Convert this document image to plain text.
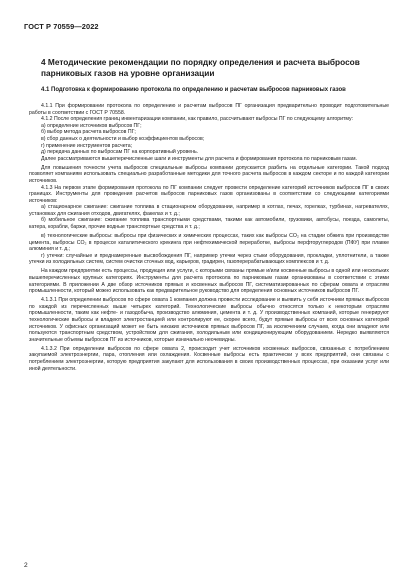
ГОСТ Р 70559—2022
4 Методические рекомендации по порядку определения и расчета выбросов парниковых газов на уровне организации
4.1 Подготовка к формированию протокола по определению и расчетам выбросов парниковых газов

4.1.1 При формировании протокола по определению и расчетам выбросов ПГ организация предварительно проводит подготовительные работы в соответствии с ГОСТ Р 70558.

4.1.2 После определения границ инвентаризации компании, как правило, рассчитывают выбросы ПГ по следующему алгоритму:

а) определение источников выбросов ПГ;

б) выбор метода расчета выбросов ПГ;

в) сбор данных о деятельности и выбор коэффициентов выбросов;

г) применение инструментов расчета;

д) передача данных по выбросам ПГ на корпоративный уровень.

Далее рассматриваются вышеперечисленные шаги и инструменты для расчета и формирования протокола по парниковым газам.

Для повышения точности учета выбросов специальные выбросы компании допускается разбить на отдельные категории. Такой подход позволяет компаниям использовать специально разработанные методики для точного расчета выбросов в каждом секторе и по каждой категории источников.

4.1.3 На первом этапе формирования протокола по ПГ компании следует провести определение категорий источников выбросов ПГ в своих границах. Инструменты для проведения расчетов выбросов парниковых газов организованы в соответствии со следующими категориями источников:

а) стационарное сжигание: сжигание топлива в стационарном оборудовании, например в котлах, печах, горелках, турбинах, нагревателях, установках для сжигания отходов, двигателях, факелах и т. д.;

б) мобильное сжигание: сжигание топлива транспортными средствами, такими как автомобили, грузовики, автобусы, поезда, самолеты, катера, корабли, баржи, прочие водные транспортные средства и т. д.;

в) технологические выбросы: выбросы при физических и химических процессах, таких как выбросы CO₂ на стадии обжига при производстве цемента, выбросы CO₂ в процессе каталитического крекинга при нефтехимической переработке, выбросы перфторуглеродов (ПФУ) при плавке алюминия и т. д.;

г) утечки: случайные и преднамеренные высвобождения ПГ, например утечки через стыки оборудования, прокладки, уплотнители, а также утечки из холодильных систем, систем очистки сточных вод, карьеров, градирен, газоперерабатывающих комплексов и т. д.

На каждом предприятии есть процессы, продукция или услуги, с которыми связаны прямые и/или косвенные выбросы в одной или нескольких вышеперечисленных крупных категориях. Инструменты для расчета протокола по парниковым газам организованы в соответствии с этими категориями. В приложении А две обзор источников прямых и косвенных выбросов ПГ, систематизированных по сферам охвата и отраслям промышленности, который можно использовать как предварительное руководство для определения основных источников выбросов ПГ.

4.1.3.1 При определении выбросов по сфере охвата 1 компания должна провести исследование и выявить у себя источники прямых выбросов по каждой из перечисленных выше четырех категорий. Технологические выбросы обычно относятся только к некоторым отраслям промышленности, таким как нефте- и газодобыча, производство алюминия, цемента и т. д. У производственных компаний, которые генерируют технологические выбросы и владеют электростанцией или контролируют ее, скорее всего, будут прямые выбросы от всех основных категорий источников. У офисных организаций может не быть никаких источников прямых выбросов ПГ, за исключением случаев, когда они владеют или пользуются транспортным средством, устройством для сжигания, холодильным или кондиционирующим оборудованием. Нередко выявляются значительные объемы выбросов ПГ из источников, которые изначально неочевидны.

4.1.3.2 При определении выбросов по сфере охвата 2, происходит учет источников косвенных выбросов, связанных с потреблением закупаемой электроэнергии, пара, отопления или охлаждения. Косвенные выбросы есть практически у всех предприятий, они связаны с потреблением электроэнергии, которую предприятия закупают для использования в своих производственных процессах, при оказании услуг или иной деятельности.

2
